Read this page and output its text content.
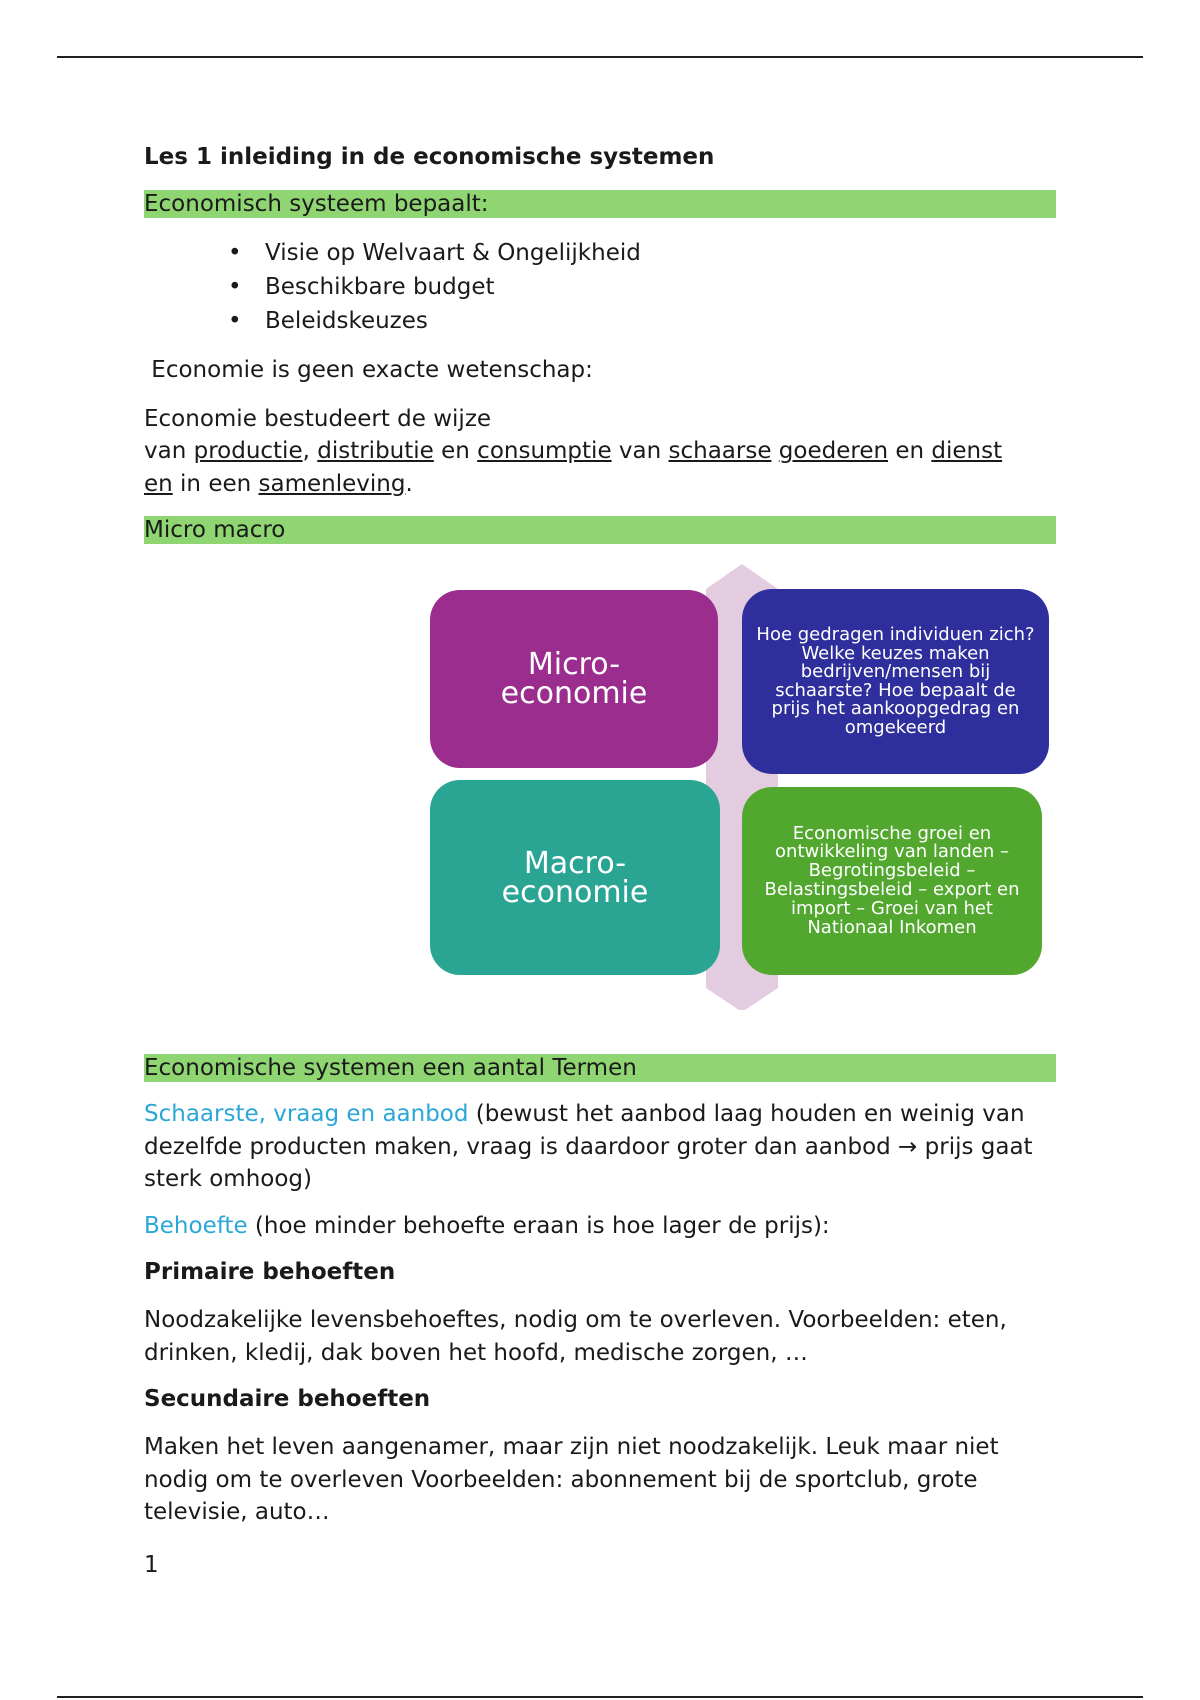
Les 1 inleiding in de economische systemen
Economisch systeem bepaalt:
• Visie op Welvaart & Ongelijkheid
• Beschikbare budget
• Beleidskeuzes

Economie is geen exacte wetenschap:

Economie bestudeert de wijze
van productie, distributie en consumptie van schaarse goederen en dienst
en in een samenleving.

Micro macro
Micro-
economie
Hoe gedragen individuen zich? Welke keuzes maken bedrijven/mensen bij schaarste? Hoe bepaalt de prijs het aankoopgedrag en omgekeerd
Macro-
economie
Economische groei en ontwikkeling van landen – Begrotingsbeleid – Belastingsbeleid – export en import – Groei van het Nationaal Inkomen
Economische systemen een aantal Termen

Schaarste, vraag en aanbod (bewust het aanbod laag houden en weinig van dezelfde producten maken, vraag is daardoor groter dan aanbod → prijs gaat sterk omhoog)

Behoefte (hoe minder behoefte eraan is hoe lager de prijs):

Primaire behoeften

Noodzakelijke levensbehoeftes, nodig om te overleven. Voorbeelden: eten, drinken, kledij, dak boven het hoofd, medische zorgen, …

Secundaire behoeften

Maken het leven aangenamer, maar zijn niet noodzakelijk. Leuk maar niet nodig om te overleven Voorbeelden: abonnement bij de sportclub, grote televisie, auto…

1
